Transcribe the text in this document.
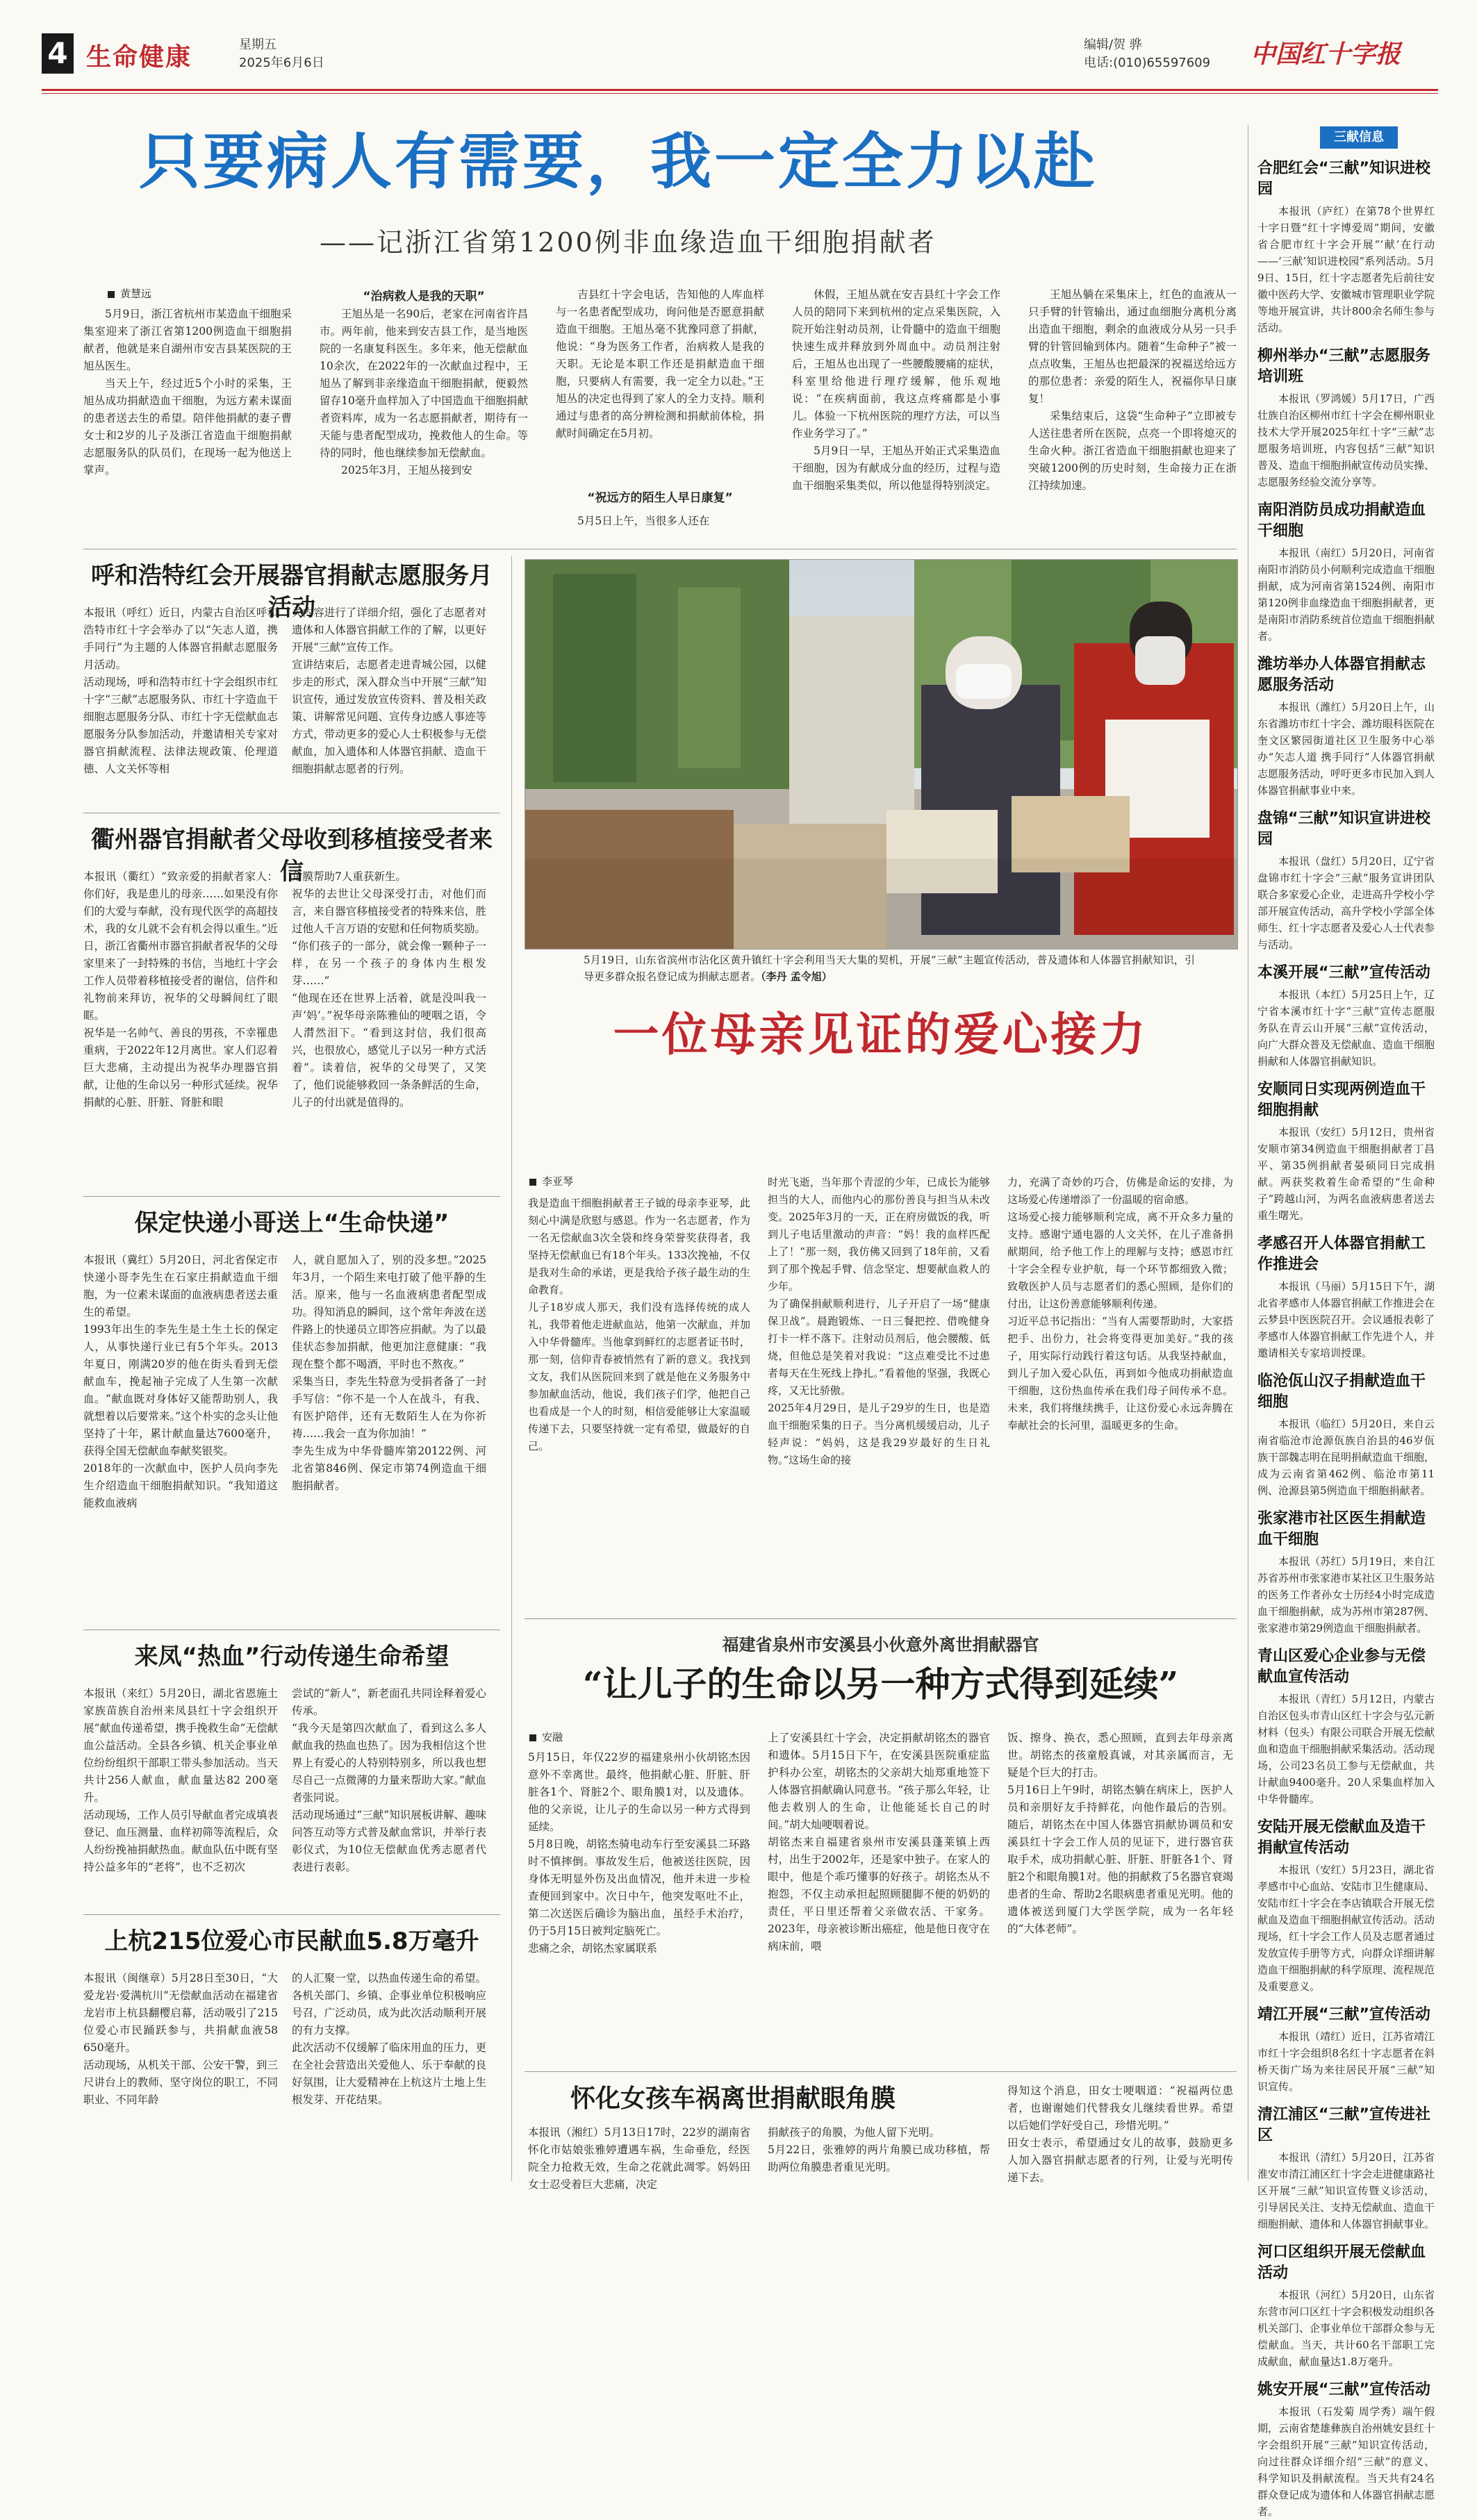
4 生命健康	星期五
2025年6月6日
编辑/贺 骅
电话:(010)65597609 中国红十字报
只要病人有需要，我一定全力以赴
——记浙江省第1200例非血缘造血干细胞捐献者
黄慧远

5月9日，浙江省杭州市某造血干细胞采集室迎来了浙江省第1200例造血干细胞捐献者，他就是来自湖州市安吉县某医院的王旭丛医生。

当天上午，经过近5个小时的采集，王旭丛成功捐献造血干细胞，为远方素未谋面的患者送去生的希望。陪伴他捐献的妻子曹女士和2岁的儿子及浙江省造血干细胞捐献志愿服务队的队员们，在现场一起为他送上掌声。

“治病救人是我的天职”

王旭丛是一名90后，老家在河南省许昌市。两年前，他来到安吉县工作，是当地医院的一名康复科医生。多年来，他无偿献血10余次，在2022年的一次献血过程中，王旭丛了解到非亲缘造血干细胞捐献，便毅然留存10毫升血样加入了中国造血干细胞捐献者资料库，成为一名志愿捐献者，期待有一天能与患者配型成功，挽救他人的生命。等待的同时，他也继续参加无偿献血。

2025年3月，王旭丛接到安

吉县红十字会电话，告知他的人库血样与一名患者配型成功，询问他是否愿意捐献造血干细胞。王旭丛毫不犹豫同意了捐献，他说：“身为医务工作者，治病救人是我的天职。无论是本职工作还是捐献造血干细胞，只要病人有需要，我一定全力以赴。”王旭丛的决定也得到了家人的全力支持。顺利通过与患者的高分辨检测和捐献前体检，捐献时间确定在5月初。

“祝远方的陌生人早日康复”

5月5日上午，当很多人还在

休假，王旭丛就在安吉县红十字会工作人员的陪同下来到杭州的定点采集医院，入院开始注射动员剂，让骨髓中的造血干细胞快速生成并释放到外周血中。动员剂注射后，王旭丛也出现了一些腰酸腰痛的症状，科室里给他进行理疗缓解，他乐观地说：“在疾病面前，我这点疼痛都是小事儿。体验一下杭州医院的理疗方法，可以当作业务学习了。”

5月9日一早，王旭丛开始正式采集造血干细胞，因为有献成分血的经历，过程与造血干细胞采集类似，所以他显得特别淡定。

王旭丛躺在采集床上，红色的血液从一只手臂的针管输出，通过血细胞分离机分离出造血干细胞，剩余的血液成分从另一只手臂的针管回输到体内。随着“生命种子”被一点点收集，王旭丛也把最深的祝福送给远方的那位患者：亲爱的陌生人，祝福你早日康复！

采集结束后，这袋“生命种子”立即被专人送往患者所在医院，点亮一个即将熄灭的生命火种。浙江省造血干细胞捐献也迎来了突破1200例的历史时刻，生命接力正在浙江持续加速。

呼和浩特红会开展器官捐献志愿服务月活动
本报讯（呼红）近日，内蒙古自治区呼和浩特市红十字会举办了以“矢志人道，携手同行”为主题的人体器官捐献志愿服务月活动。
活动现场，呼和浩特市红十字会组织市红十字“三献”志愿服务队、市红十字造血干细胞志愿服务分队、市红十字无偿献血志愿服务分队参加活动，并邀请相关专家对器官捐献流程、法律法规政策、伦理道德、人文关怀等相
关内容进行了详细介绍，强化了志愿者对遗体和人体器官捐献工作的了解，以更好开展“三献”宣传工作。
宣讲结束后，志愿者走进青城公园，以健步走的形式，深入群众当中开展“三献”知识宣传，通过发放宣传资料、普及相关政策、讲解常见问题、宣传身边感人事迹等方式，带动更多的爱心人士积极参与无偿献血，加入遗体和人体器官捐献、造血干细胞捐献志愿者的行列。
衢州器官捐献者父母收到移植接受者来信
本报讯（衢红）“致亲爱的捐献者家人：你们好，我是患儿的母亲……如果没有你们的大爱与奉献，没有现代医学的高超技术，我的女儿就不会有机会得以重生。”近日，浙江省衢州市器官捐献者祝华的父母家里来了一封特殊的书信，当地红十字会工作人员带着移植接受者的谢信，信件和礼物前来拜访，祝华的父母瞬间红了眼眶。
祝华是一名帅气、善良的男孩，不幸罹患重病，于2022年12月离世。家人们忍着巨大悲痛，主动提出为祝华办理器官捐献，让他的生命以另一种形式延续。祝华捐献的心脏、肝脏、肾脏和眼
角膜帮助7人重获新生。
祝华的去世让父母深受打击，对他们而言，来自器官移植接受者的特殊来信，胜过他人千言万语的安慰和任何物质奖励。
“你们孩子的一部分，就会像一颗种子一样，在另一个孩子的身体内生根发芽……”
“他现在还在世界上活着，就是没叫我一声‘妈’。”祝华母亲陈雅仙的哽咽之语，令人潸然泪下。“看到这封信，我们很高兴，也很放心，感觉儿子以另一种方式活着”。读着信，祝华的父母哭了，又笑了，他们说能够救回一条条鲜活的生命，儿子的付出就是值得的。
保定快递小哥送上“生命快递”
本报讯（冀红）5月20日，河北省保定市快递小哥李先生在石家庄捐献造血干细胞，为一位素未谋面的血液病患者送去重生的希望。
1993年出生的李先生是土生土长的保定人，从事快递行业已有5个年头。2013年夏日，刚满20岁的他在街头看到无偿献血车，挽起袖子完成了人生第一次献血。“献血既对身体好又能帮助别人，我就想着以后要常来。”这个朴实的念头让他坚持了十年，累计献血量达7600毫升，获得全国无偿献血奉献奖银奖。
2018年的一次献血中，医护人员向李先生介绍造血干细胞捐献知识。“我知道这能救血液病
人，就自愿加入了，别的没多想。”2025年3月，一个陌生来电打破了他平静的生活。原来，他与一名血液病患者配型成功。得知消息的瞬间，这个常年奔波在送件路上的快递员立即答应捐献。为了以最佳状态参加捐献，他更加注意健康：“我现在整个都不喝酒，平时也不熬夜。”
采集当日，李先生特意为受捐者备了一封手写信：“你不是一个人在战斗，有我、有医护陪伴，还有无数陌生人在为你祈祷……我会一直为你加油！”
李先生成为中华骨髓库第20122例、河北省第846例、保定市第74例造血干细胞捐献者。
来凤“热血”行动传递生命希望
本报讯（来红）5月20日，湖北省恩施土家族苗族自治州来凤县红十字会组织开展“献血传递希望，携手挽救生命”无偿献血公益活动。全县各乡镇、机关企事业单位纷纷组织干部职工带头参加活动。当天共计256人献血，献血量达82 200毫升。
活动现场，工作人员引导献血者完成填表登记、血压测量、血样初筛等流程后，众人纷纷挽袖捐献热血。献血队伍中既有坚持公益多年的“老将”，也不乏初次
尝试的“新人”，新老面孔共同诠释着爱心传承。
“我今天是第四次献血了，看到这么多人献血我的热血也热了。因为我相信这个世界上有爱心的人特别特别多，所以我也想尽自己一点微薄的力量来帮助大家。”献血者张同说。
活动现场通过“三献”知识展板讲解、趣味问答互动等方式普及献血常识，并举行表彰仪式，为10位无偿献血优秀志愿者代表进行表彰。
上杭215位爱心市民献血5.8万毫升
本报讯（闽继章）5月28日至30日，“大爱龙岩·爱满杭川”无偿献血活动在福建省龙岩市上杭县翻樱启幕，活动吸引了215位爱心市民踊跃参与，共捐献血液58 650毫升。
活动现场，从机关干部、公安干警，到三尺讲台上的教师、坚守岗位的职工，不同职业、不同年龄
的人汇聚一堂，以热血传递生命的希望。各机关部门、乡镇、企事业单位积极响应号召，广泛动员，成为此次活动顺利开展的有力支撑。
此次活动不仅缓解了临床用血的压力，更在全社会营造出关爱他人、乐于奉献的良好氛围，让大爱精神在上杭这片土地上生根发芽、开花结果。
5月19日，山东省滨州市沾化区黄升镇红十字会利用当天大集的契机，开展“三献”主题宣传活动，普及遗体和人体器官捐献知识，引导更多群众报名登记成为捐献志愿者。（李丹 孟令旭）
一位母亲见证的爱心接力
李亚琴
我是造血干细胞捐献者王子钺的母亲李亚琴，此刻心中满是欣慰与感恩。作为一名志愿者，作为一名无偿献血3次全袋和终身荣誉奖获得者，我坚持无偿献血已有18个年头。133次挽袖，不仅是我对生命的承诺，更是我给予孩子最生动的生命教育。
儿子18岁成人那天，我们没有选择传统的成人礼，我带着他走进献血站，他第一次献血，并加入中华骨髓库。当他拿到鲜红的志愿者证书时，那一刻，信仰青春被悄然有了新的意义。我找到文友，我们从医院回来到了就是他在义务服务中参加献血活动，他说，我们孩子们学，他把自己也看成是一个人的时刻，相信爱能够让大家温暖传递下去，只要坚持就一定有希望，做最好的自己。
时光飞逝，当年那个青涩的少年，已成长为能够担当的大人，而他内心的那份善良与担当从未改变。2025年3月的一天，正在府房做饭的我，听到儿子电话里激动的声音：“妈！我的血样匹配上了！”那一刻，我仿佛又回到了18年前，又看到了那个挽起手臂、信念坚定、想要献血救人的少年。
为了确保捐献顺利进行，儿子开启了一场“健康保卫战”。晨跑锻炼、一日三餐把控、借晚健身打卡一样不落下。注射动员剂后，他会腰酸、低烧，但他总是笑着对我说：“这点难受比不过患者每天在生死线上挣扎。”看着他的坚强，我既心疼，又无比骄傲。
2025年4月29日，是儿子29岁的生日，也是造血干细胞采集的日子。当分离机缓缓启动，儿子轻声说：“妈妈，这是我29岁最好的生日礼物。”这场生命的接
力，充满了奇妙的巧合，仿佛是命运的安排，为这场爱心传递增添了一份温暖的宿命感。
这场爱心接力能够顺利完成，离不开众多力量的支持。感谢宁通电器的人文关怀，在儿子准备捐献期间，给予他工作上的理解与支持；感恩市红十字会全程专业护航，每一个环节都细致入微；致敬医护人员与志愿者们的悉心照顾，是你们的付出，让这份善意能够顺利传递。
习近平总书记指出：“当有人需要帮助时，大家搭把手、出份力，社会将变得更加美好。”我的孩子，用实际行动践行着这句话。从我坚持献血，到儿子加入爱心队伍，再到如今他成功捐献造血干细胞，这份热血传承在我们母子间传承不息。未来，我们将继续携手，让这份爱心永远奔腾在奉献社会的长河里，温暖更多的生命。
福建省泉州市安溪县小伙意外离世捐献器官
“让儿子的生命以另一种方式得到延续”
安融
5月15日，年仅22岁的福建泉州小伙胡铭杰因意外不幸离世。最终，他捐献心脏、肝脏、肝脏各1个、肾脏2个、眼角膜1对，以及遗体。他的父亲说，让儿子的生命以另一种方式得到延续。
5月8日晚，胡铭杰骑电动车行至安溪县二环路时不慎摔倒。事故发生后，他被送往医院，因身体无明显外伤及出血情况，他并未进一步检查便回到家中。次日中午，他突发呕吐不止，第二次送医后确诊为脑出血，虽经手术治疗，仍于5月15日被判定脑死亡。
悲痛之余，胡铭杰家属联系
上了安溪县红十字会，决定捐献胡铭杰的器官和遗体。5月15日下午，在安溪县医院重症监护科办公室，胡铭杰的父亲胡大灿郑重地签下人体器官捐献确认同意书。“孩子那么年轻，让他去救别人的生命，让他能延长自己的时间。”胡大灿哽咽着说。
胡铭杰来自福建省泉州市安溪县蓬莱镇上西村，出生于2002年，还是家中独子。在家人的眼中，他是个乖巧懂事的好孩子。胡铭杰从不抱怨，不仅主动承担起照顾腿脚不便的奶奶的责任，平日里还帮着父亲做农活、干家务。2023年，母亲被诊断出癌症，他是他日夜守在病床前，喂
饭、擦身、换衣，悉心照顾，直到去年母亲离世。胡铭杰的孩童般真诚，对其亲属而言，无疑是个巨大的打击。
5月16日上午9时，胡铭杰躺在病床上，医护人员和亲朋好友手持鲜花，向他作最后的告别。随后，胡铭杰在中国人体器官捐献协调员和安溪县红十字会工作人员的见证下，进行器官获取手术，成功捐献心脏、肝脏、肝脏各1个、肾脏2个和眼角膜1对。他的捐献救了5名器官衰竭患者的生命、帮助2名眼病患者重见光明。他的遗体被送到厦门大学医学院，成为一名年轻的“大体老师”。
怀化女孩车祸离世捐献眼角膜
本报讯（湘红）5月13日17时，22岁的湖南省怀化市姑娘张雅婷遭遇车祸，生命垂危，经医院全力抢救无效，生命之花就此凋零。妈妈田女士忍受着巨大悲痛，决定
捐献孩子的角膜，为他人留下光明。
5月22日，张雅婷的两片角膜已成功移植，帮助两位角膜患者重见光明。
得知这个消息，田女士哽咽道：“祝福两位患者，也谢谢她们代替我女儿继续看世界。希望以后她们学好受自己，珍惜光明。”
田女士表示，希望通过女儿的故事，鼓励更多人加入器官捐献志愿者的行列，让爱与光明传递下去。
三献信息
合肥红会“三献”知识进校园

本报讯（庐红）在第78个世界红十字日暨“红十字博爱周”期间，安徽省合肥市红十字会开展“‘献’在行动——‘三献’知识进校园”系列活动。5月9日、15日，红十字志愿者先后前往安徽中医药大学、安徽城市管理职业学院等地开展宣讲，共计800余名师生参与活动。

柳州举办“三献”志愿服务培训班

本报讯（罗鸿媛）5月17日，广西壮族自治区柳州市红十字会在柳州职业技术大学开展2025年红十字“三献”志愿服务培训班，内容包括“三献”知识普及、造血干细胞捐献宣传动员实操、志愿服务经验交流分享等。

南阳消防员成功捐献造血干细胞

本报讯（南红）5月20日，河南省南阳市消防员小何顺利完成造血干细胞捐献，成为河南省第1524例、南阳市第120例非血缘造血干细胞捐献者，更是南阳市消防系统首位造血干细胞捐献者。

潍坊举办人体器官捐献志愿服务活动

本报讯（潍红）5月20日上午，山东省潍坊市红十字会、潍坊眼科医院在奎文区繁园街道社区卫生服务中心举办“矢志人道 携手同行”人体器官捐献志愿服务活动，呼吁更多市民加入到人体器官捐献事业中来。

盘锦“三献”知识宣讲进校园

本报讯（盘红）5月20日，辽宁省盘锦市红十字会“三献”服务宣讲团队联合多家爱心企业，走进高升学校小学部开展宣传活动，高升学校小学部全体师生、红十字志愿者及爱心人士代表参与活动。

本溪开展“三献”宣传活动

本报讯（本红）5月25日上午，辽宁省本溪市红十字“三献”宣传志愿服务队在青云山开展“三献”宣传活动，向广大群众普及无偿献血、造血干细胞捐献和人体器官捐献知识。

安顺同日实现两例造血干细胞捐献

本报讯（安红）5月12日，贵州省安顺市第34例造血干细胞捐献者丁昌平、第35例捐献者晏硕同日完成捐献。两获奖救着生命希望的“生命种子”跨越山河，为两名血液病患者送去重生曙光。

孝感召开人体器官捐献工作推进会

本报讯（马丽）5月15日下午，湖北省孝感市人体器官捐献工作推进会在云梦县中医医院召开。会议通报表彰了孝感市人体器官捐献工作先进个人，并邀请相关专家培训授课。

临沧佤山汉子捐献造血干细胞

本报讯（临红）5月20日，来自云南省临沧市沧源佤族自治县的46岁佤族干部魏志明在昆明捐献造血干细胞，成为云南省第462例、临沧市第11例、沧源县第5例造血干细胞捐献者。

张家港市社区医生捐献造血干细胞

本报讯（苏红）5月19日，来自江苏省苏州市张家港市某社区卫生服务站的医务工作者孙女士历经4小时完成造血干细胞捐献，成为苏州市第287例、张家港市第29例造血干细胞捐献者。

青山区爱心企业参与无偿献血宣传活动

本报讯（青红）5月12日，内蒙古自治区包头市青山区红十字会与弘元新材料（包头）有限公司联合开展无偿献血和造血干细胞捐献采集活动。活动现场，公司23名员工参与无偿献血，共计献血9400毫升。20人采集血样加入中华骨髓库。

安陆开展无偿献血及造干捐献宣传活动

本报讯（安红）5月23日，湖北省孝感市中心血站、安陆市卫生健康局、安陆市红十字会在李店镇联合开展无偿献血及造血干细胞捐献宣传活动。活动现场，红十字会工作人员及志愿者通过发放宣传手册等方式，向群众详细讲解造血干细胞捐献的科学原理、流程规范及重要意义。

靖江开展“三献”宣传活动

本报讯（靖红）近日，江苏省靖江市红十字会组织8名红十字志愿者在斜桥天街广场为来往居民开展“三献”知识宣传。

清江浦区“三献”宣传进社区

本报讯（清红）5月20日，江苏省淮安市清江浦区红十字会走进健康路社区开展“三献”知识宣传暨义诊活动，引导居民关注、支持无偿献血、造血干细胞捐献、遗体和人体器官捐献事业。

河口区组织开展无偿献血活动

本报讯（河红）5月20日，山东省东营市河口区红十字会积极发动组织各机关部门、企事业单位干部群众参与无偿献血。当天，共计60名干部职工完成献血，献血量达1.8万毫升。

姚安开展“三献”宣传活动

本报讯（石发菊 周学秀）端午假期，云南省楚雄彝族自治州姚安县红十字会组织开展“三献”知识宣传活动，向过往群众详细介绍“三献”的意义、科学知识及捐献流程。当天共有24名群众登记成为遗体和人体器官捐献志愿者。
